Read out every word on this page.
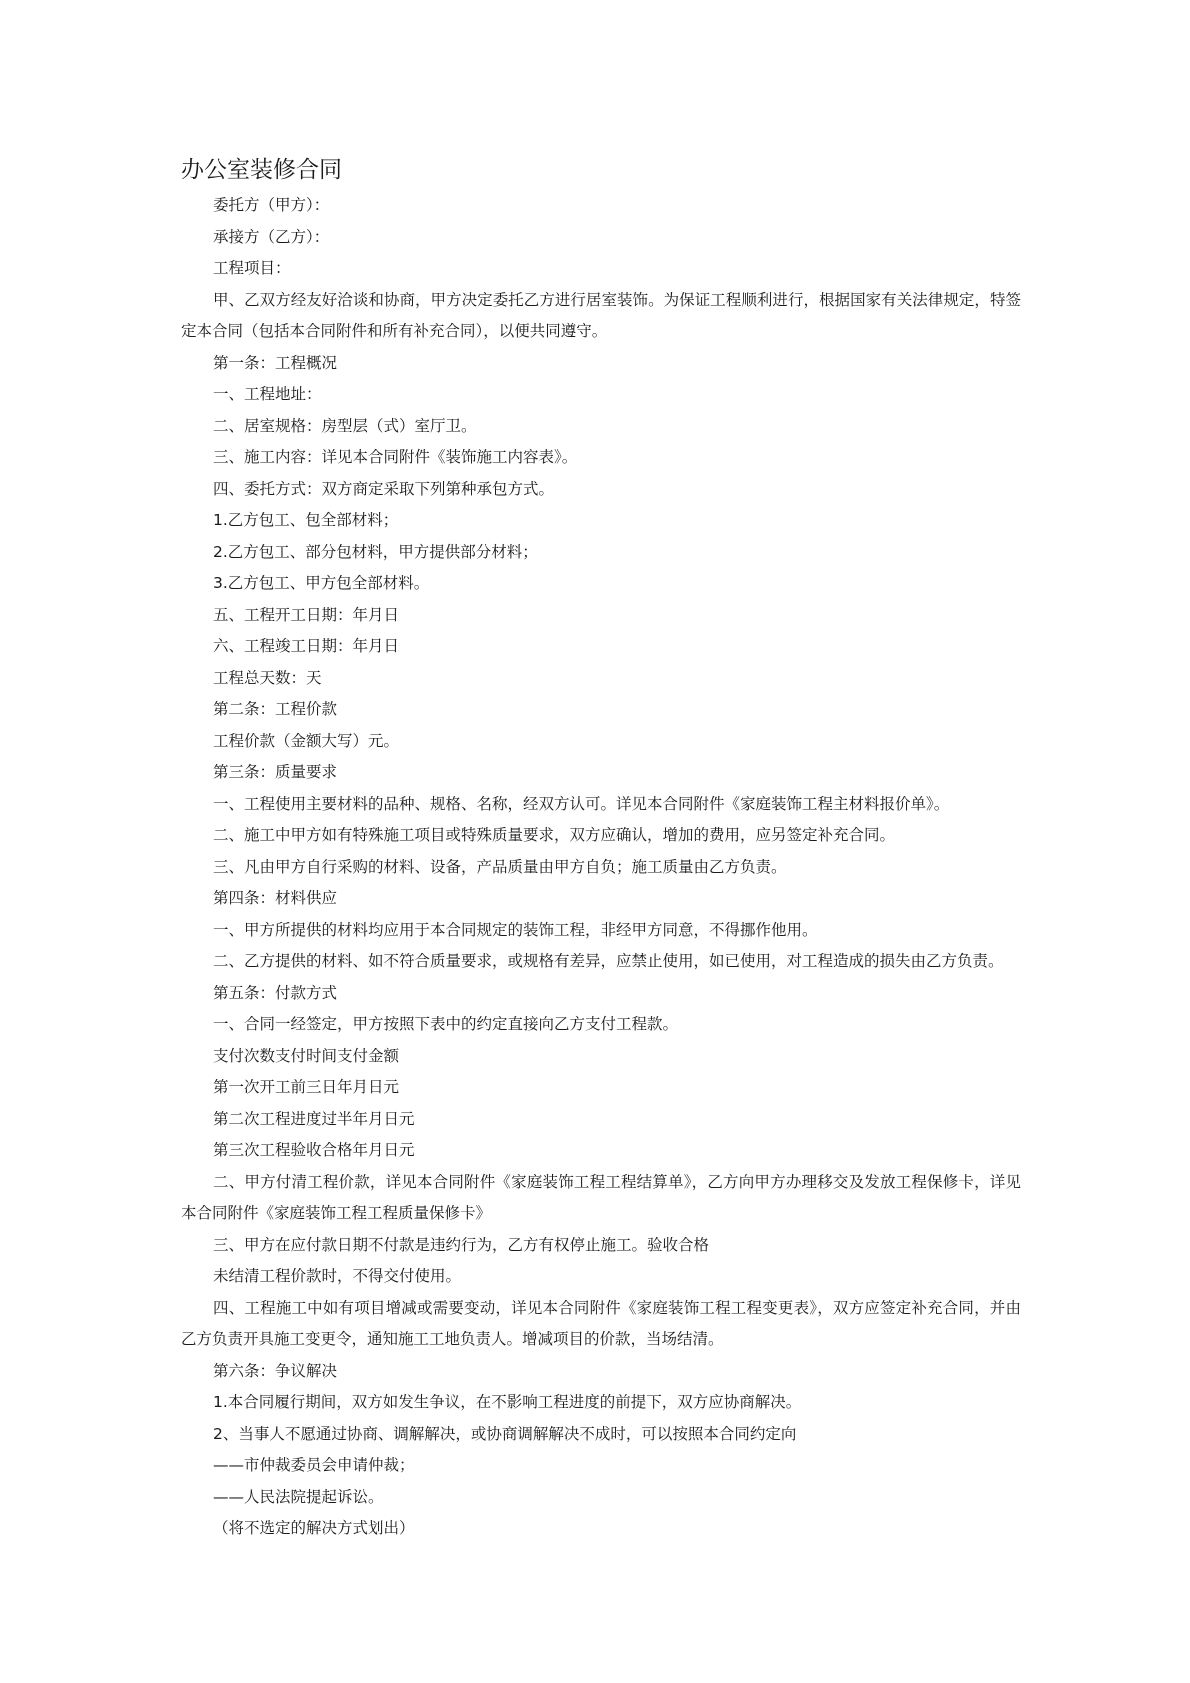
办公室装修合同

委托方（甲方）：

承接方（乙方）：

工程项目：

甲、乙双方经友好洽谈和协商，甲方决定委托乙方进行居室装饰。为保证工程顺利进行，根据国家有关法律规定，特签定本合同（包括本合同附件和所有补充合同），以便共同遵守。

第一条：工程概况

一、工程地址：

二、居室规格：房型层（式）室厅卫。

三、施工内容：详见本合同附件《装饰施工内容表》。

四、委托方式：双方商定采取下列第种承包方式。

1.乙方包工、包全部材料；

2.乙方包工、部分包材料，甲方提供部分材料；

3.乙方包工、甲方包全部材料。

五、工程开工日期：年月日

六、工程竣工日期：年月日

工程总天数：天

第二条：工程价款

工程价款（金额大写）元。

第三条：质量要求

一、工程使用主要材料的品种、规格、名称，经双方认可。详见本合同附件《家庭装饰工程主材料报价单》。

二、施工中甲方如有特殊施工项目或特殊质量要求，双方应确认，增加的费用，应另签定补充合同。

三、凡由甲方自行采购的材料、设备，产品质量由甲方自负；施工质量由乙方负责。

第四条：材料供应

一、甲方所提供的材料均应用于本合同规定的装饰工程，非经甲方同意，不得挪作他用。

二、乙方提供的材料、如不符合质量要求，或规格有差异，应禁止使用，如已使用，对工程造成的损失由乙方负责。

第五条：付款方式

一、合同一经签定，甲方按照下表中的约定直接向乙方支付工程款。

支付次数支付时间支付金额

第一次开工前三日年月日元

第二次工程进度过半年月日元

第三次工程验收合格年月日元

二、甲方付清工程价款，详见本合同附件《家庭装饰工程工程结算单》，乙方向甲方办理移交及发放工程保修卡，详见本合同附件《家庭装饰工程工程质量保修卡》

三、甲方在应付款日期不付款是违约行为，乙方有权停止施工。验收合格

未结清工程价款时，不得交付使用。

四、工程施工中如有项目增减或需要变动，详见本合同附件《家庭装饰工程工程变更表》，双方应签定补充合同，并由乙方负责开具施工变更令，通知施工工地负责人。增减项目的价款，当场结清。

第六条：争议解决

1.本合同履行期间，双方如发生争议，在不影响工程进度的前提下，双方应协商解决。

2、当事人不愿通过协商、调解解决，或协商调解解决不成时，可以按照本合同约定向

——市仲裁委员会申请仲裁；

——人民法院提起诉讼。

（将不选定的解决方式划出）
